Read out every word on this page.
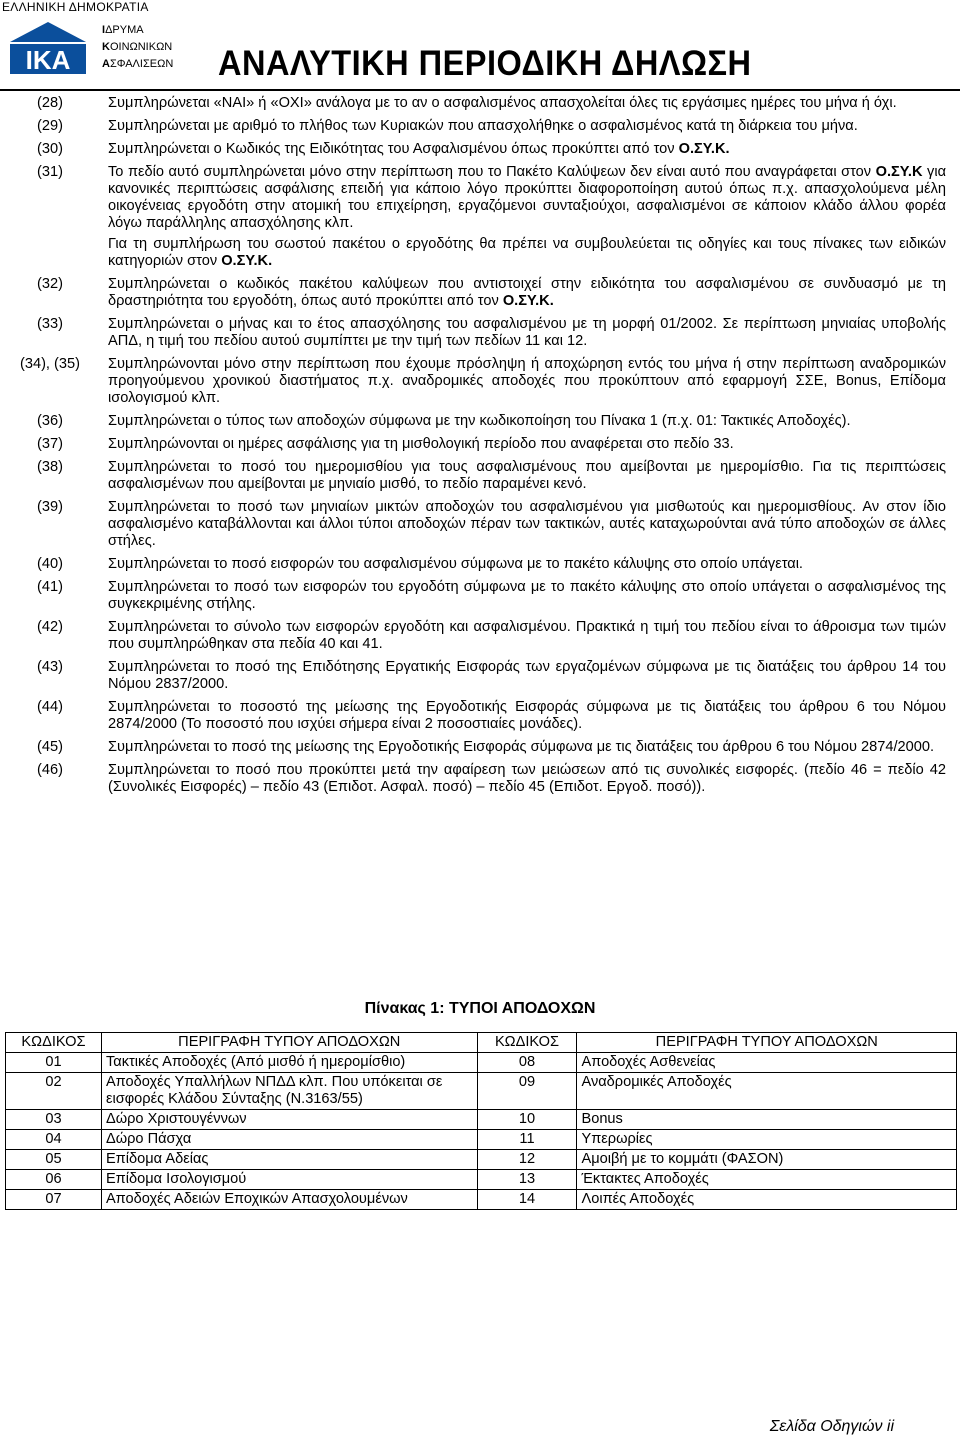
ΕΛΛΗΝΙΚΗ ΔΗΜΟΚΡΑΤΙΑ
ΙΚΑ
ΙΔΡΥΜΑ
ΚΟΙΝΩΝΙΚΩΝ
ΑΣΦΑΛΙΣΕΩΝ ΑΝΑΛΥΤΙΚΗ ΠΕΡΙΟΔΙΚΗ ΔΗΛΩΣΗ
(28)	Συμπληρώνεται «ΝΑΙ» ή «ΟΧΙ» ανάλογα με το αν ο ασφαλισμένος απασχολείται όλες τις εργάσιμες ημέρες του μήνα ή όχι.

(29)	Συμπληρώνεται με αριθμό το πλήθος των Κυριακών που απασχολήθηκε ο ασφαλισμένος κατά τη διάρκεια του μήνα.

(30)	Συμπληρώνεται ο Κωδικός της Ειδικότητας του Ασφαλισμένου όπως προκύπτει από τον Ο.ΣΥ.Κ.

(31)	Το πεδίο αυτό συμπληρώνεται μόνο στην περίπτωση που το Πακέτο Καλύψεων δεν είναι αυτό που αναγράφεται στον Ο.ΣΥ.Κ για κανονικές περιπτώσεις ασφάλισης επειδή για κάποιο λόγο προκύπτει διαφοροποίηση αυτού όπως π.χ. απασχολούμενα μέλη οικογένειας εργοδότη στην ατομική του επιχείρηση, εργαζόμενοι συνταξιούχοι, ασφαλισμένοι σε κάποιον κλάδο άλλου φορέα λόγω παράλληλης απασχόλησης κλπ.

Για τη συμπλήρωση του σωστού πακέτου ο εργοδότης θα πρέπει να συμβουλεύεται τις οδηγίες και τους πίνακες των ειδικών κατηγοριών στον Ο.ΣΥ.Κ.

(32)	Συμπληρώνεται ο κωδικός πακέτου καλύψεων που αντιστοιχεί στην ειδικότητα του ασφαλισμένου σε συνδυασμό με τη δραστηριότητα του εργοδότη, όπως αυτό προκύπτει από τον Ο.ΣΥ.Κ.

(33)	Συμπληρώνεται ο μήνας και το έτος απασχόλησης του ασφαλισμένου με τη μορφή 01/2002. Σε περίπτωση μηνιαίας υποβολής ΑΠΔ, η τιμή του πεδίου αυτού συμπίπτει με την τιμή των πεδίων 11 και 12.

(34), (35)	Συμπληρώνονται μόνο στην περίπτωση που έχουμε πρόσληψη ή αποχώρηση εντός του μήνα ή στην περίπτωση αναδρομικών προηγούμενου χρονικού διαστήματος π.χ. αναδρομικές αποδοχές που προκύπτουν από εφαρμογή ΣΣΕ, Bonus, Επίδομα ισολογισμού κλπ.

(36)	Συμπληρώνεται ο τύπος των αποδοχών σύμφωνα με την κωδικοποίηση του Πίνακα 1 (π.χ. 01: Τακτικές Αποδοχές).

(37)	Συμπληρώνονται οι ημέρες ασφάλισης για τη μισθολογική περίοδο που αναφέρεται στο πεδίο 33.

(38)	Συμπληρώνεται το ποσό του ημερομισθίου για τους ασφαλισμένους που αμείβονται με ημερομίσθιο. Για τις περιπτώσεις ασφαλισμένων που αμείβονται με μηνιαίο μισθό, το πεδίο παραμένει κενό.

(39)	Συμπληρώνεται το ποσό των μηνιαίων μικτών αποδοχών του ασφαλισμένου για μισθωτούς και ημερομισθίους. Αν στον ίδιο ασφαλισμένο καταβάλλονται και άλλοι τύποι αποδοχών πέραν των τακτικών, αυτές καταχωρούνται ανά τύπο αποδοχών σε άλλες στήλες.

(40)	Συμπληρώνεται το ποσό εισφορών του ασφαλισμένου σύμφωνα με το πακέτο κάλυψης στο οποίο υπάγεται.

(41)	Συμπληρώνεται το ποσό των εισφορών του εργοδότη σύμφωνα με το πακέτο κάλυψης στο οποίο υπάγεται ο ασφαλισμένος της συγκεκριμένης στήλης.

(42)	Συμπληρώνεται το σύνολο των εισφορών εργοδότη και ασφαλισμένου. Πρακτικά η τιμή του πεδίου είναι το άθροισμα των τιμών που συμπληρώθηκαν στα πεδία 40 και 41.

(43)	Συμπληρώνεται το ποσό της Επιδότησης Εργατικής Εισφοράς των εργαζομένων σύμφωνα με τις διατάξεις του άρθρου 14 του Νόμου 2837/2000.

(44)	Συμπληρώνεται το ποσοστό της μείωσης της Εργοδοτικής Εισφοράς σύμφωνα με τις διατάξεις του άρθρου 6 του Νόμου 2874/2000 (Το ποσοστό που ισχύει σήμερα είναι 2 ποσοστιαίες μονάδες).

(45)	Συμπληρώνεται το ποσό της μείωσης της Εργοδοτικής Εισφοράς σύμφωνα με τις διατάξεις του άρθρου 6 του Νόμου 2874/2000.

(46)	Συμπληρώνεται το ποσό που προκύπτει μετά την αφαίρεση των μειώσεων από τις συνολικές εισφορές. (πεδίο 46 = πεδίο 42 (Συνολικές Εισφορές) – πεδίο 43 (Επιδοτ. Ασφαλ. ποσό) – πεδίο 45 (Επιδοτ. Εργοδ. ποσό)).

Πίνακας 1: ΤΥΠΟΙ ΑΠΟΔΟΧΩΝ
ΚΩΔΙΚΟΣ	ΠΕΡΙΓΡΑΦΗ ΤΥΠΟΥ ΑΠΟΔΟΧΩΝ	ΚΩΔΙΚΟΣ	ΠΕΡΙΓΡΑΦΗ ΤΥΠΟΥ ΑΠΟΔΟΧΩΝ
01	Τακτικές Αποδοχές (Από μισθό ή ημερομίσθιο)	08	Αποδοχές Ασθενείας
02	Αποδοχές Υπαλλήλων ΝΠΔΔ κλπ. Που υπόκειται σε εισφορές Κλάδου Σύνταξης (Ν.3163/55)	09	Αναδρομικές Αποδοχές
03	Δώρο Χριστουγέννων	10	Bonus
04	Δώρο Πάσχα	11	Υπερωρίες
05	Επίδομα Αδείας	12	Αμοιβή με το κομμάτι (ΦΑΣΟΝ)
06	Επίδομα Ισολογισμού	13	Έκτακτες Αποδοχές
07	Αποδοχές Αδειών Εποχικών Απασχολουμένων	14	Λοιπές Αποδοχές
Σελίδα Οδηγιών ii
